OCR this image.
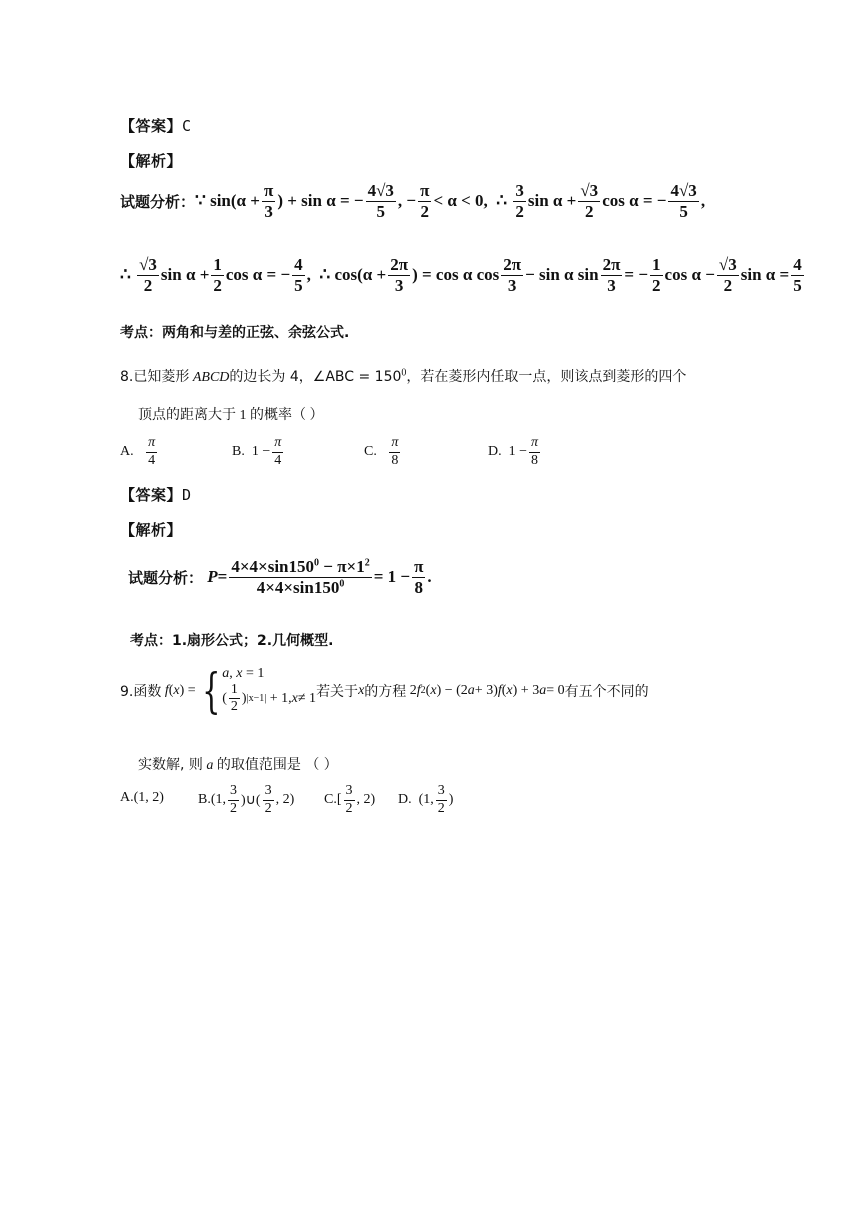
【答案】C
【解析】
试题分析： ∵ $\sin(\alpha + \frac{\pi}{3}$ ) + sin α = − $\frac{4√3}{5}$ , − $\frac{\pi}{2} < \alpha < 0$,  ∴ $\frac{3}{2}$ $\sin \alpha + \frac{√3}{2}$ cos α = − $\frac{4√3}{5}$ ,
∴ $\frac{√3}{2}$ $\sin \alpha + \frac{1}{2}$ cos α = − $\frac{4}{5}$ ,  ∴ $\cos(\alpha + \frac{2\pi}{3}$ ) = cos α $\cos \frac{2\pi}{3} - \sin \alpha$ $\sin \frac{2\pi}{3}$ = − $\frac{1}{2}$ $\cos \alpha - \frac{√3}{2}$ $\sin \alpha = \frac{4}{5}$
考点：两角和与差的正弦、余弦公式.
8.已知菱形 ABCD的边长为 4，∠ABC = $150^0$，若在菱形内任取一点，则该点到菱形的四个
顶点的距离大于 1 的概率（ ）
A.
$\frac{\pi}{4}$	B. $1 - \frac{\pi}{4}$	C.
$\frac{\pi}{8}$	D. $1 - \frac{\pi}{8}$
【答案】D
【解析】
试题分析：
$P = \frac{4\times 4\times\sin 150^0 - \pi\times 1^2}{4\times 4\times\sin 150^0} = 1 - \frac{\pi}{8}$ .
考点：1.扇形公式；2.几何概型.
9.函数
f ( x ) = { a, x = 1
( $\frac{1}{2}$ ) |x−1| + 1, x ≠ 1 若关于 x 的方程 2 f 2 ( x ) − (2 a + 3) f ( x ) + 3 a = 0 有五个不同的
实数解, 则 a 的取值范围是 （ ）
A. (1, 2) B. (1, $\frac{3}{2}$ )∪( $\frac{3}{2}$ , 2) C. [ $\frac{3}{2}$ , 2) D. (1, $\frac{3}{2}$ )
